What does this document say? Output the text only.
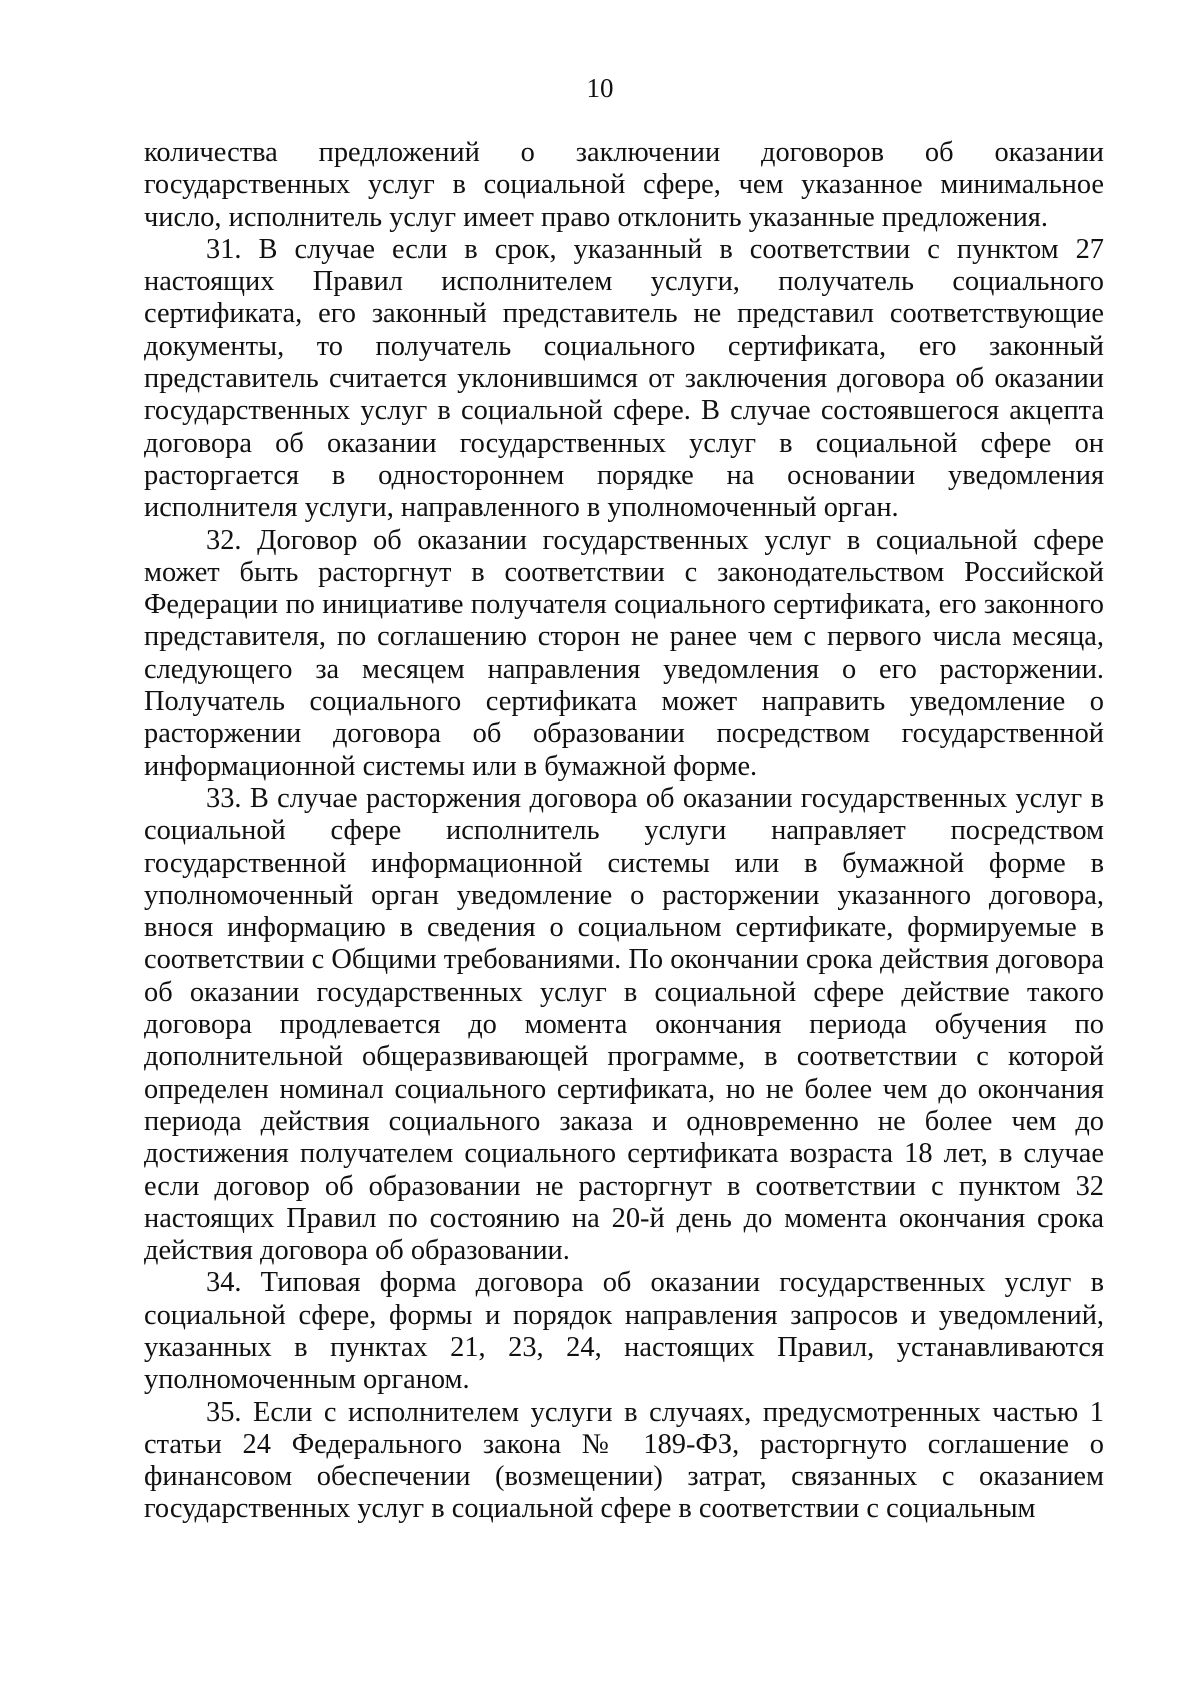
10

количества предложений о заключении договоров об оказании государственных услуг в социальной сфере, чем указанное минимальное число, исполнитель услуг имеет право отклонить указанные предложения.

31. В случае если в срок, указанный в соответствии с пунктом 27 настоящих Правил исполнителем услуги, получатель социального сертификата, его законный представитель не представил соответствующие документы, то получатель социального сертификата, его законный представитель считается уклонившимся от заключения договора об оказании государственных услуг в социальной сфере. В случае состоявшегося акцепта договора об оказании государственных услуг в социальной сфере он расторгается в одностороннем порядке на основании уведомления исполнителя услуги, направленного в уполномоченный орган.

32. Договор об оказании государственных услуг в социальной сфере может быть расторгнут в соответствии с законодательством Российской Федерации по инициативе получателя социального сертификата, его законного представителя, по соглашению сторон не ранее чем с первого числа месяца, следующего за месяцем направления уведомления о его расторжении. Получатель социального сертификата может направить уведомление о расторжении договора об образовании посредством государственной информационной системы или в бумажной форме.

33. В случае расторжения договора об оказании государственных услуг в социальной сфере исполнитель услуги направляет посредством государственной информационной системы или в бумажной форме в уполномоченный орган уведомление о расторжении указанного договора, внося информацию в сведения о социальном сертификате, формируемые в соответствии с Общими требованиями. По окончании срока действия договора об оказании государственных услуг в социальной сфере действие такого договора продлевается до момента окончания периода обучения по дополнительной общеразвивающей программе, в соответствии с которой определен номинал социального сертификата, но не более чем до окончания периода действия социального заказа и одновременно не более чем до достижения получателем социального сертификата возраста 18 лет, в случае если договор об образовании не расторгнут в соответствии с пунктом 32 настоящих Правил по состоянию на 20-й день до момента окончания срока действия договора об образовании.

34. Типовая форма договора об оказании государственных услуг в социальной сфере, формы и порядок направления запросов и уведомлений, указанных в пунктах 21, 23, 24, настоящих Правил, устанавливаются уполномоченным органом.

35. Если с исполнителем услуги в случаях, предусмотренных частью 1 статьи 24 Федерального закона № 189-ФЗ, расторгнуто соглашение о финансовом обеспечении (возмещении) затрат, связанных с оказанием государственных услуг в социальной сфере в соответствии с социальным
